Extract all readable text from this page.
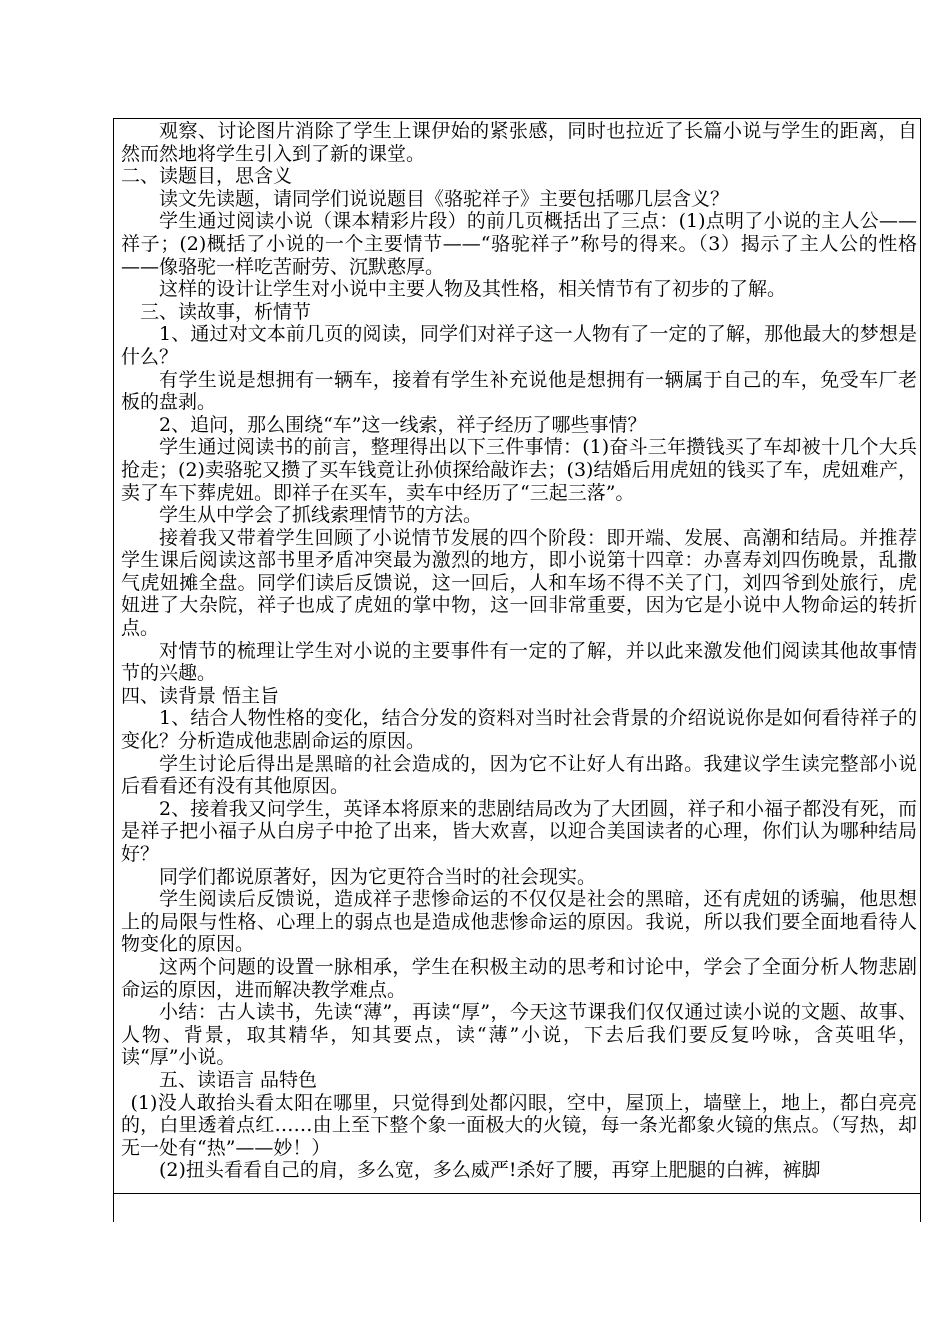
观察、讨论图片消除了学生上课伊始的紧张感，同时也拉近了长篇小说与学生的距离，自然而然地将学生引入到了新的课堂。

二、读题目，思含义

读文先读题，请同学们说说题目《骆驼祥子》主要包括哪几层含义？

学生通过阅读小说（课本精彩片段）的前几页概括出了三点：(1)点明了小说的主人公——祥子；(2)概括了小说的一个主要情节——“骆驼祥子”称号的得来。（3）揭示了主人公的性格——像骆驼一样吃苦耐劳、沉默憨厚。

这样的设计让学生对小说中主要人物及其性格，相关情节有了初步的了解。

三、读故事，析情节

1、通过对文本前几页的阅读，同学们对祥子这一人物有了一定的了解，那他最大的梦想是什么？

有学生说是想拥有一辆车，接着有学生补充说他是想拥有一辆属于自己的车，免受车厂老板的盘剥。

2、追问，那么围绕“车”这一线索，祥子经历了哪些事情？

学生通过阅读书的前言，整理得出以下三件事情：(1)奋斗三年攒钱买了车却被十几个大兵抢走；(2)卖骆驼又攒了买车钱竟让孙侦探给敲诈去；(3)结婚后用虎妞的钱买了车，虎妞难产，卖了车下葬虎妞。即祥子在买车，卖车中经历了“三起三落”。

学生从中学会了抓线索理情节的方法。

接着我又带着学生回顾了小说情节发展的四个阶段：即开端、发展、高潮和结局。并推荐学生课后阅读这部书里矛盾冲突最为激烈的地方，即小说第十四章：办喜寿刘四伤晚景，乱撒气虎妞摊全盘。同学们读后反馈说，这一回后，人和车场不得不关了门，刘四爷到处旅行，虎妞进了大杂院，祥子也成了虎妞的掌中物，这一回非常重要，因为它是小说中人物命运的转折点。

对情节的梳理让学生对小说的主要事件有一定的了解，并以此来激发他们阅读其他故事情节的兴趣。

四、读背景 悟主旨

1、结合人物性格的变化，结合分发的资料对当时社会背景的介绍说说你是如何看待祥子的变化？分析造成他悲剧命运的原因。

学生讨论后得出是黑暗的社会造成的，因为它不让好人有出路。我建议学生读完整部小说后看看还有没有其他原因。

2、接着我又问学生，英译本将原来的悲剧结局改为了大团圆，祥子和小福子都没有死，而是祥子把小福子从白房子中抢了出来，皆大欢喜，以迎合美国读者的心理，你们认为哪种结局好？

同学们都说原著好，因为它更符合当时的社会现实。

学生阅读后反馈说，造成祥子悲惨命运的不仅仅是社会的黑暗，还有虎妞的诱骗，他思想上的局限与性格、心理上的弱点也是造成他悲惨命运的原因。我说，所以我们要全面地看待人物变化的原因。

这两个问题的设置一脉相承，学生在积极主动的思考和讨论中，学会了全面分析人物悲剧命运的原因，进而解决教学难点。

小结：古人读书，先读“薄”，再读“厚”，今天这节课我们仅仅通过读小说的文题、故事、人物、背景，取其精华，知其要点，读“薄”小说，下去后我们要反复吟咏，含英咀华，读“厚”小说。

五、读语言 品特色

(1)没人敢抬头看太阳在哪里，只觉得到处都闪眼，空中，屋顶上，墙壁上，地上，都白亮亮的，白里透着点红……由上至下整个象一面极大的火镜，每一条光都象火镜的焦点。（写热，却无一处有“热”——妙！）

(2)扭头看看自己的肩，多么宽，多么威严!杀好了腰，再穿上肥腿的白裤，裤脚
